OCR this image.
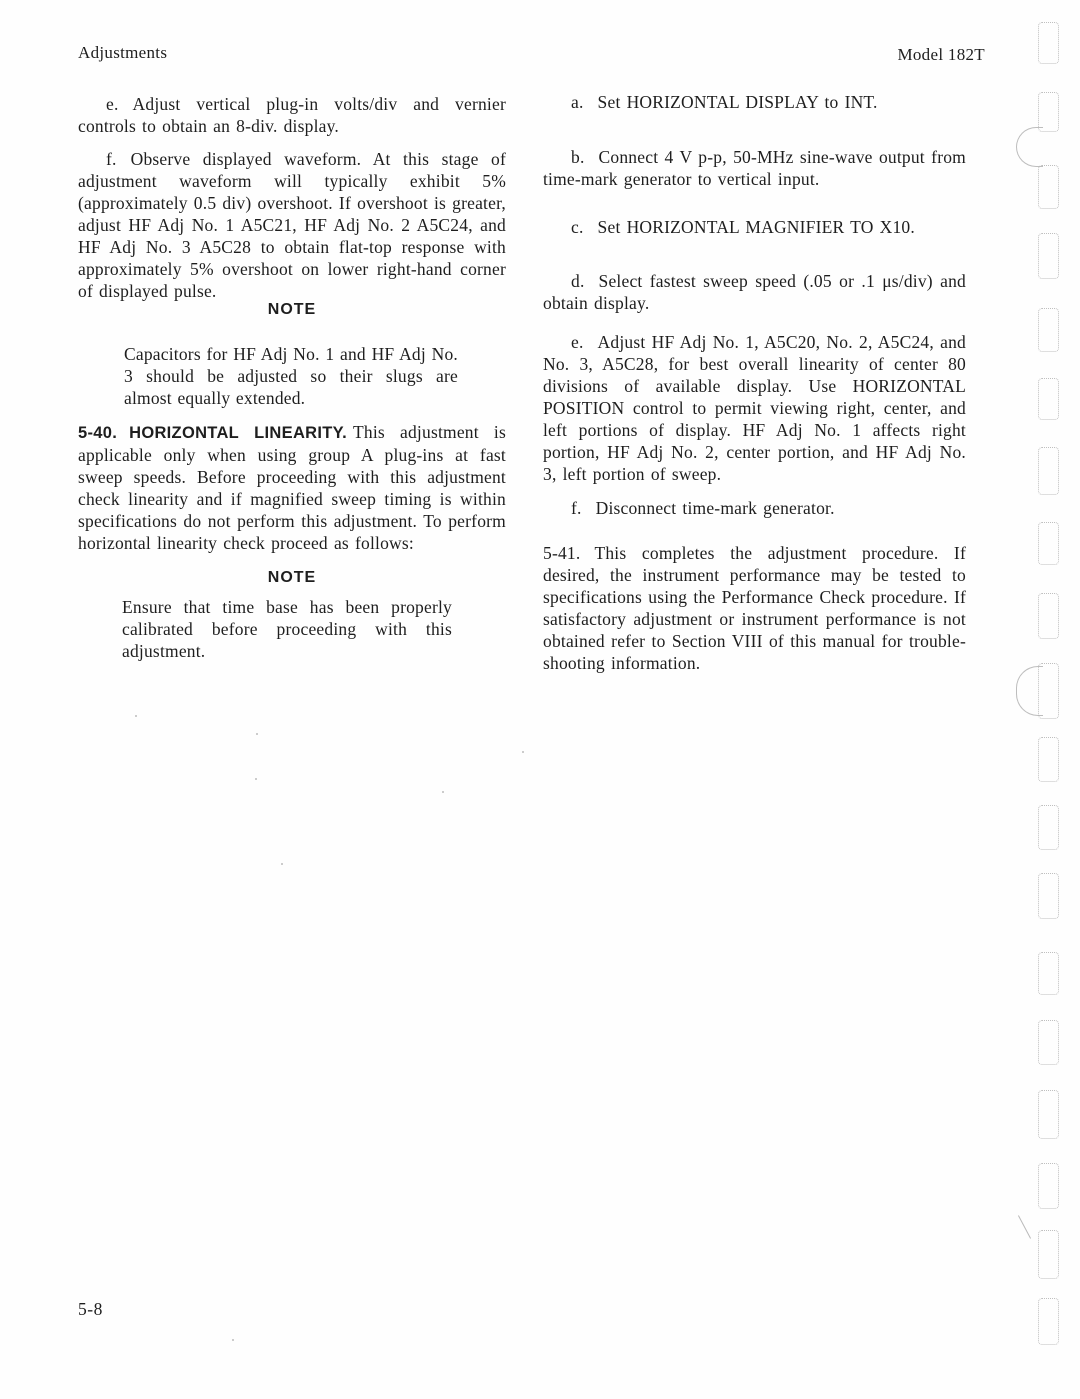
Adjustments	Model 182T

e. Adjust vertical plug-in volts/div and vernier controls to obtain an 8-div. display.

f. Observe displayed waveform. At this stage of adjustment waveform will typically exhibit 5% (approximately 0.5 div) overshoot. If overshoot is greater, adjust HF Adj No. 1 A5C21, HF Adj No. 2 A5C24, and HF Adj No. 3 A5C28 to obtain flat-top response with approximately 5% overshoot on lower right-hand corner of displayed pulse.

NOTE

Capacitors for HF Adj No. 1 and HF Adj No. 3 should be adjusted so their slugs are almost equally extended.

5-40. HORIZONTAL LINEARITY. This adjustment is applicable only when using group A plug-ins at fast sweep speeds. Before proceeding with this adjustment check linearity and if magnified sweep timing is within specifications do not perform this adjustment. To perform horizontal linearity check proceed as follows:

NOTE

Ensure that time base has been properly calibrated before proceeding with this adjustment.

a. Set HORIZONTAL DISPLAY to INT.

b. Connect 4 V p-p, 50-MHz sine-wave output from time-mark generator to vertical input.

c. Set HORIZONTAL MAGNIFIER TO X10.

d. Select fastest sweep speed (.05 or .1 μs/div) and obtain display.

e. Adjust HF Adj No. 1, A5C20, No. 2, A5C24, and No. 3, A5C28, for best overall linearity of center 80 divisions of available display. Use HORIZONTAL POSITION control to permit viewing right, center, and left portions of display. HF Adj No. 1 affects right portion, HF Adj No. 2, center portion, and HF Adj No. 3, left portion of sweep.

f. Disconnect time-mark generator.

5-41. This completes the adjustment procedure. If desired, the instrument performance may be tested to specifications using the Performance Check procedure. If satisfactory adjustment or instrument performance is not obtained refer to Section VIII of this manual for trouble-shooting information.

5-8
